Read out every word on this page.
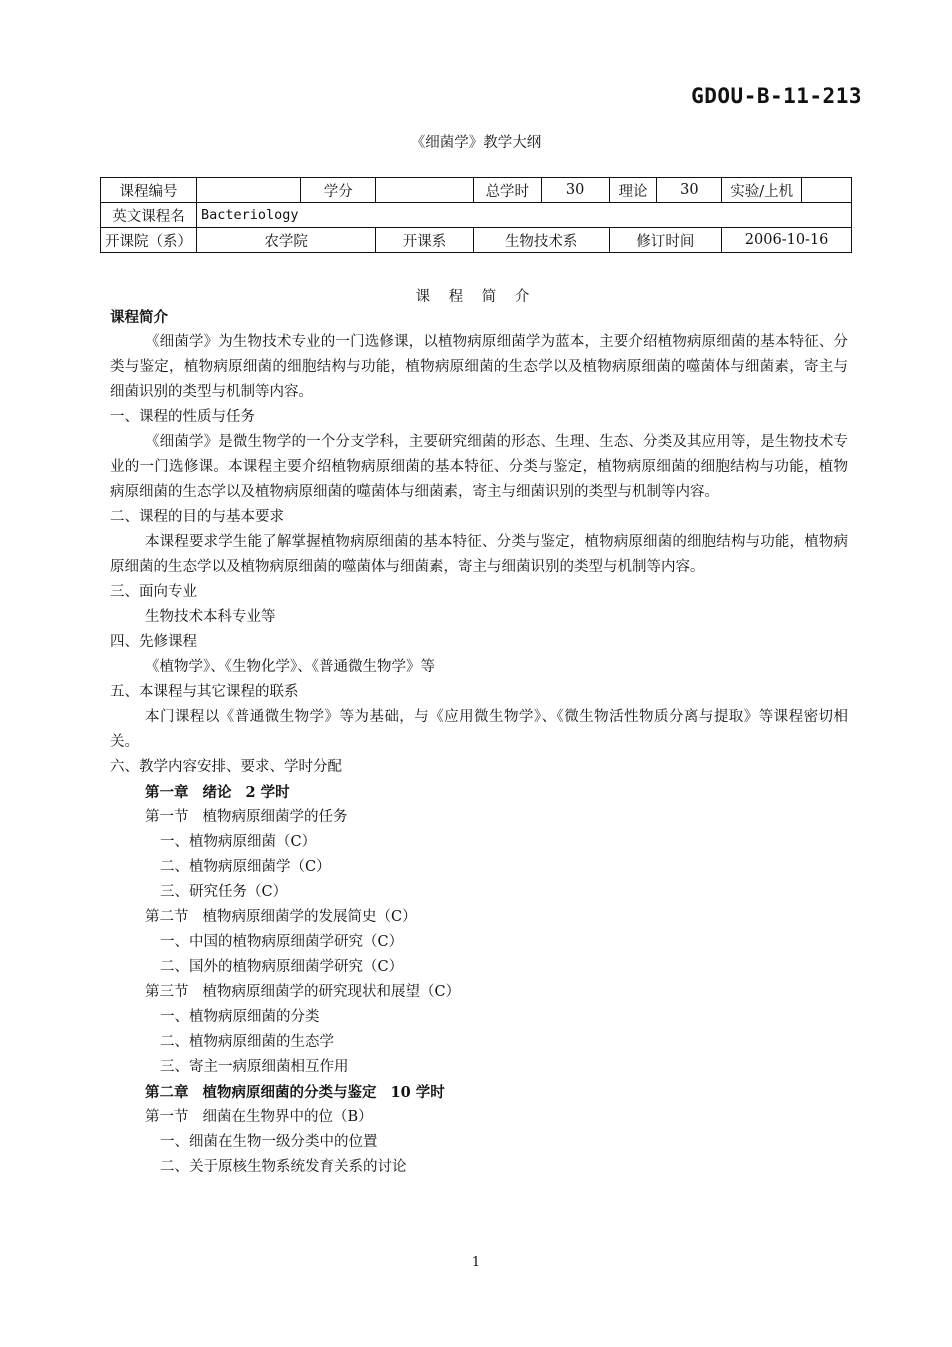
GDOU-B-11-213
《细菌学》教学大纲
课程编号		学分		总学时	30	理论	30	实验/上机	
英文课程名	Bacteriology								
开课院（系）	农学院		开课系	生物技术系		修订时间		2006-10-16	
课 程 简 介
课程简介
《细菌学》为生物技术专业的一门选修课，以植物病原细菌学为蓝本，主要介绍植物病原细菌的基本特征、分类与鉴定，植物病原细菌的细胞结构与功能，植物病原细菌的生态学以及植物病原细菌的噬菌体与细菌素，寄主与细菌识别的类型与机制等内容。
一、课程的性质与任务
《细菌学》是微生物学的一个分支学科，主要研究细菌的形态、生理、生态、分类及其应用等，是生物技术专业的一门选修课。本课程主要介绍植物病原细菌的基本特征、分类与鉴定，植物病原细菌的细胞结构与功能，植物病原细菌的生态学以及植物病原细菌的噬菌体与细菌素，寄主与细菌识别的类型与机制等内容。
二、课程的目的与基本要求
本课程要求学生能了解掌握植物病原细菌的基本特征、分类与鉴定，植物病原细菌的细胞结构与功能，植物病原细菌的生态学以及植物病原细菌的噬菌体与细菌素，寄主与细菌识别的类型与机制等内容。
三、面向专业
生物技术本科专业等
四、先修课程
《植物学》、《生物化学》、《普通微生物学》等
五、本课程与其它课程的联系
本门课程以《普通微生物学》等为基础，与《应用微生物学》、《微生物活性物质分离与提取》等课程密切相关。
六、教学内容安排、要求、学时分配
第一章 绪论 2 学时
第一节 植物病原细菌学的任务
一、植物病原细菌（C）
二、植物病原细菌学（C）
三、研究任务（C）
第二节 植物病原细菌学的发展简史（C）
一、中国的植物病原细菌学研究（C）
二、国外的植物病原细菌学研究（C）
第三节 植物病原细菌学的研究现状和展望（C）
一、植物病原细菌的分类
二、植物病原细菌的生态学
三、寄主一病原细菌相互作用
第二章 植物病原细菌的分类与鉴定 10 学时
第一节 细菌在生物界中的位（B）
一、细菌在生物一级分类中的位置
二、关于原核生物系统发育关系的讨论
1
